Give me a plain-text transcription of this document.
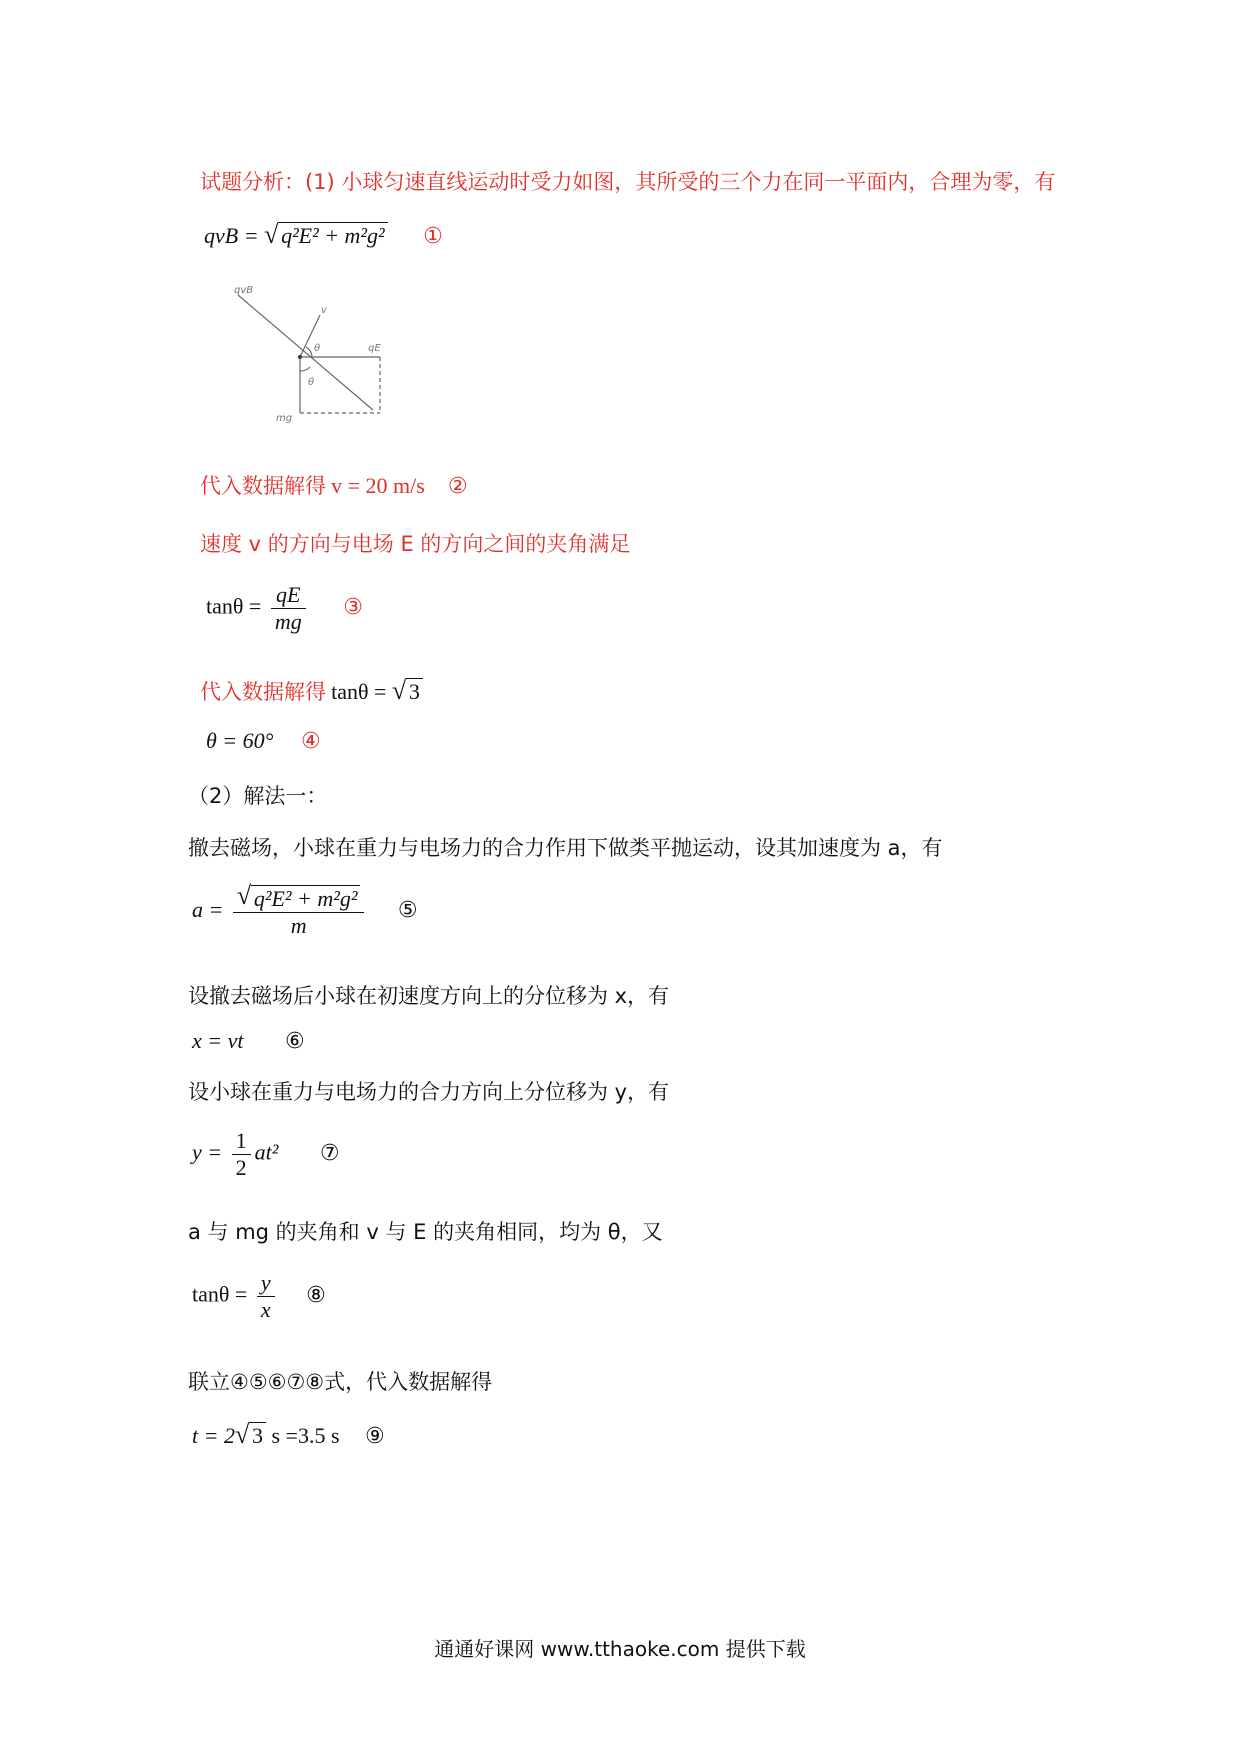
试题分析：(1) 小球匀速直线运动时受力如图，其所受的三个力在同一平面内，合理为零，有
qvB = √ q²E² + m²g² ①
qvB
v
qE
mg
θ
θ
代入数据解得 v = 20 m/s ②
速度 v 的方向与电场 E 的方向之间的夹角满足
$\tan\theta = \frac{qE}{mg}$ ③
代入数据解得 tanθ = √ 3
θ = 60° ④
（2）解法一：
撤去磁场，小球在重力与电场力的合力作用下做类平抛运动，设其加速度为 a，有
$a = \frac{\text{√ q²E² + m²g²}}{m}$ ⑤
设撤去磁场后小球在初速度方向上的分位移为 x，有
x = vt ⑥
设小球在重力与电场力的合力方向上分位移为 y，有
$y = \frac{1}{2} at^2$ ⑦
a 与 mg 的夹角和 v 与 E 的夹角相同，均为 θ，又
$\tan\theta = \frac{y}{x}$ ⑧
联立④⑤⑥⑦⑧式，代入数据解得
t = 2 √ 3 s =3.5 s ⑨
通通好课网 www.tthaoke.com 提供下载
